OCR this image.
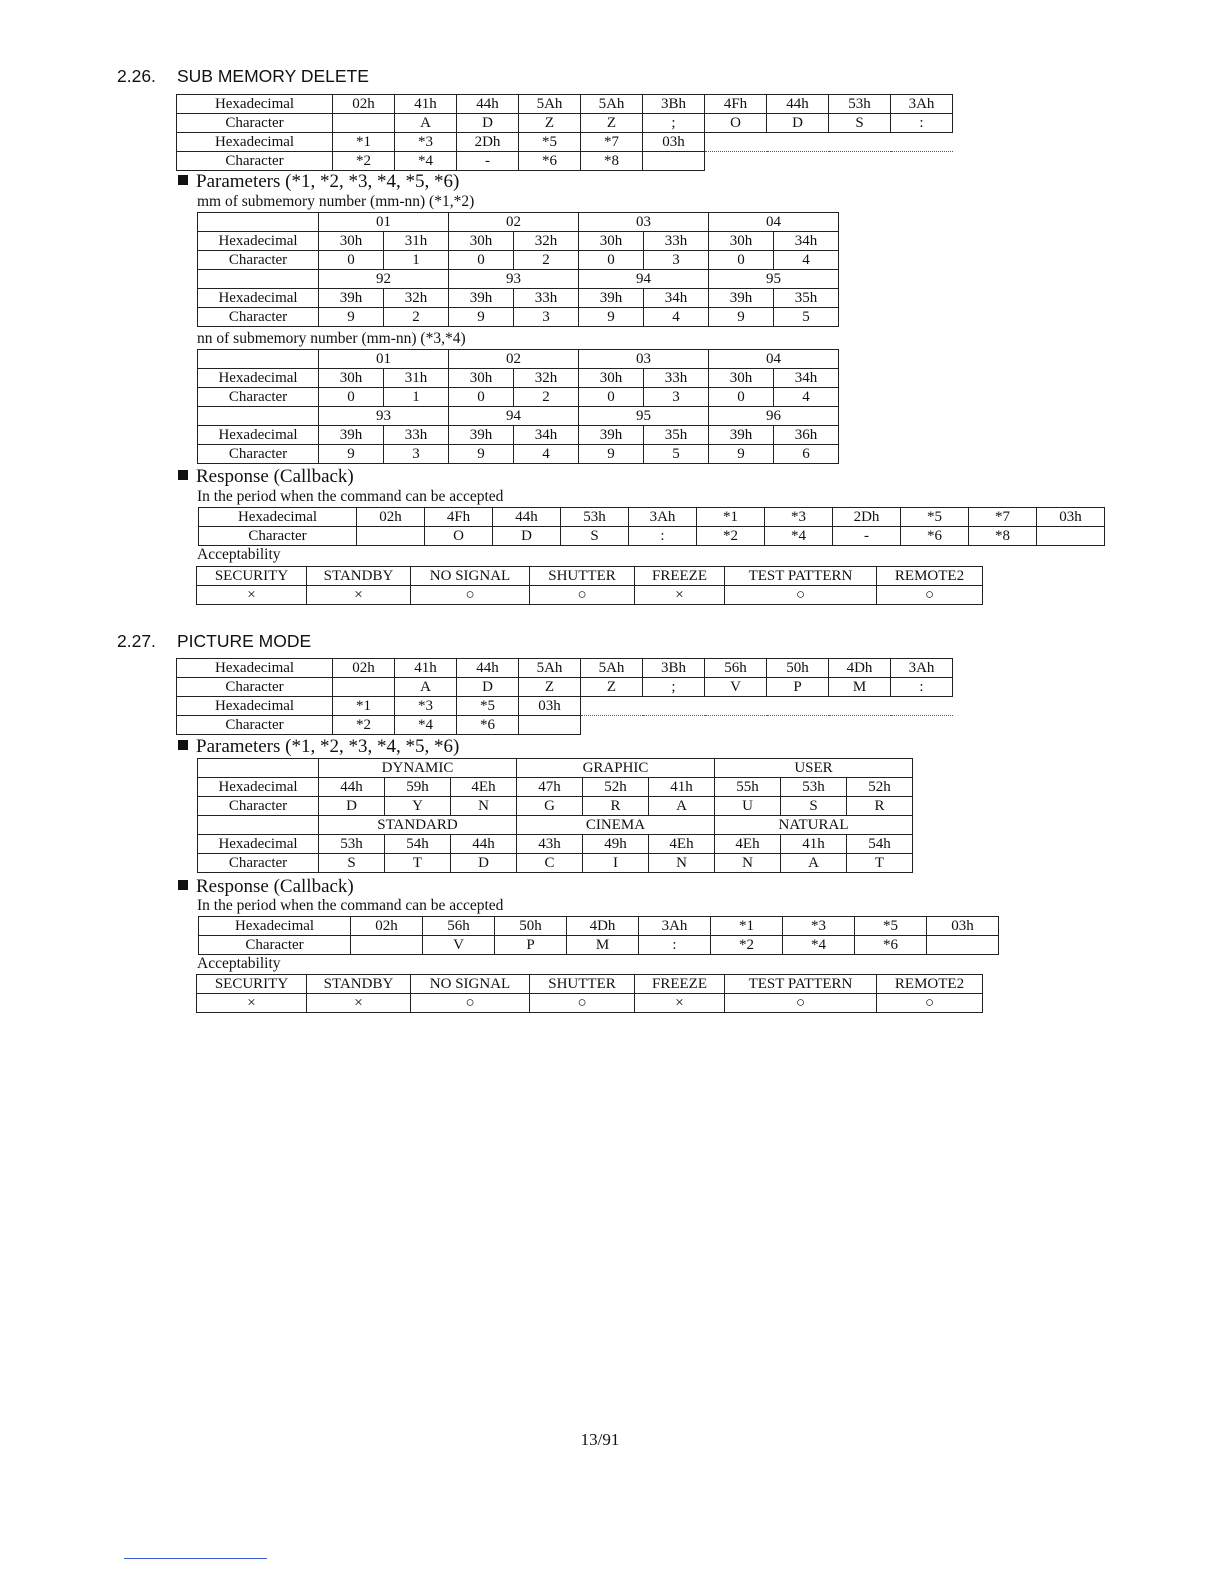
2.26. SUB MEMORY DELETE
Hexadecimal	02h	41h	44h	5Ah	5Ah	3Bh	4Fh	44h	53h	3Ah
Character		A	D	Z	Z	;	O	D	S	:
Hexadecimal	*1	*3	2Dh	*5	*7	03h				
Character	*2	*4	-	*6	*8					
Parameters (*1, *2, *3, *4, *5, *6)
mm of submemory number (mm-nn) (*1,*2)
	01		02		03		04	
Hexadecimal	30h	31h	30h	32h	30h	33h	30h	34h
Character	0	1	0	2	0	3	0	4
	92		93		94		95	
Hexadecimal	39h	32h	39h	33h	39h	34h	39h	35h
Character	9	2	9	3	9	4	9	5
nn of submemory number (mm-nn) (*3,*4)
	01		02		03		04	
Hexadecimal	30h	31h	30h	32h	30h	33h	30h	34h
Character	0	1	0	2	0	3	0	4
	93		94		95		96	
Hexadecimal	39h	33h	39h	34h	39h	35h	39h	36h
Character	9	3	9	4	9	5	9	6
Response (Callback)
In the period when the command can be accepted
Hexadecimal	02h	4Fh	44h	53h	3Ah	*1	*3	2Dh	*5	*7	03h
Character		O	D	S	:	*2	*4	-	*6	*8	
Acceptability
SECURITY	STANDBY	NO SIGNAL	SHUTTER	FREEZE	TEST PATTERN	REMOTE2
×	×	○	○	×	○	○
2.27. PICTURE MODE
Hexadecimal	02h	41h	44h	5Ah	5Ah	3Bh	56h	50h	4Dh	3Ah
Character		A	D	Z	Z	;	V	P	M	:
Hexadecimal	*1	*3	*5	03h						
Character	*2	*4	*6							
Parameters (*1, *2, *3, *4, *5, *6)
	DYNAMIC			GRAPHIC			USER		
Hexadecimal	44h	59h	4Eh	47h	52h	41h	55h	53h	52h
Character	D	Y	N	G	R	A	U	S	R
	STANDARD			CINEMA			NATURAL		
Hexadecimal	53h	54h	44h	43h	49h	4Eh	4Eh	41h	54h
Character	S	T	D	C	I	N	N	A	T
Response (Callback)
In the period when the command can be accepted
Hexadecimal	02h	56h	50h	4Dh	3Ah	*1	*3	*5	03h
Character		V	P	M	:	*2	*4	*6	
Acceptability
SECURITY	STANDBY	NO SIGNAL	SHUTTER	FREEZE	TEST PATTERN	REMOTE2
×	×	○	○	×	○	○
13/91
